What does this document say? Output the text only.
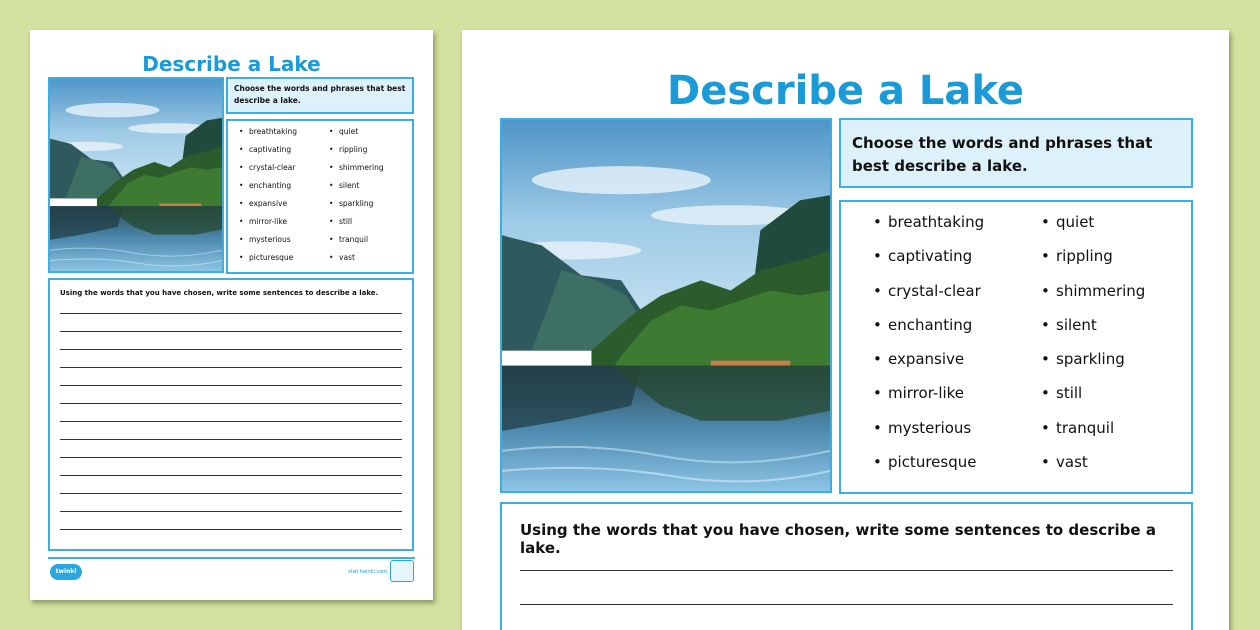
Describe a Lake
Choose the words and phrases that best describe a lake.
• breathtaking
• captivating
• crystal-clear
• enchanting
• expansive
• mirror-like
• mysterious
• picturesque
• quiet
• rippling
• shimmering
• silent
• sparkling
• still
• tranquil
• vast
Using the words that you have chosen, write some sentences to describe a lake.
twinkl	visit twinkl.com
Describe a Lake
Choose the words and phrases that best describe a lake.
• breathtaking
• captivating
• crystal-clear
• enchanting
• expansive
• mirror-like
• mysterious
• picturesque
• quiet
• rippling
• shimmering
• silent
• sparkling
• still
• tranquil
• vast
Using the words that you have chosen, write some sentences to describe a lake.
